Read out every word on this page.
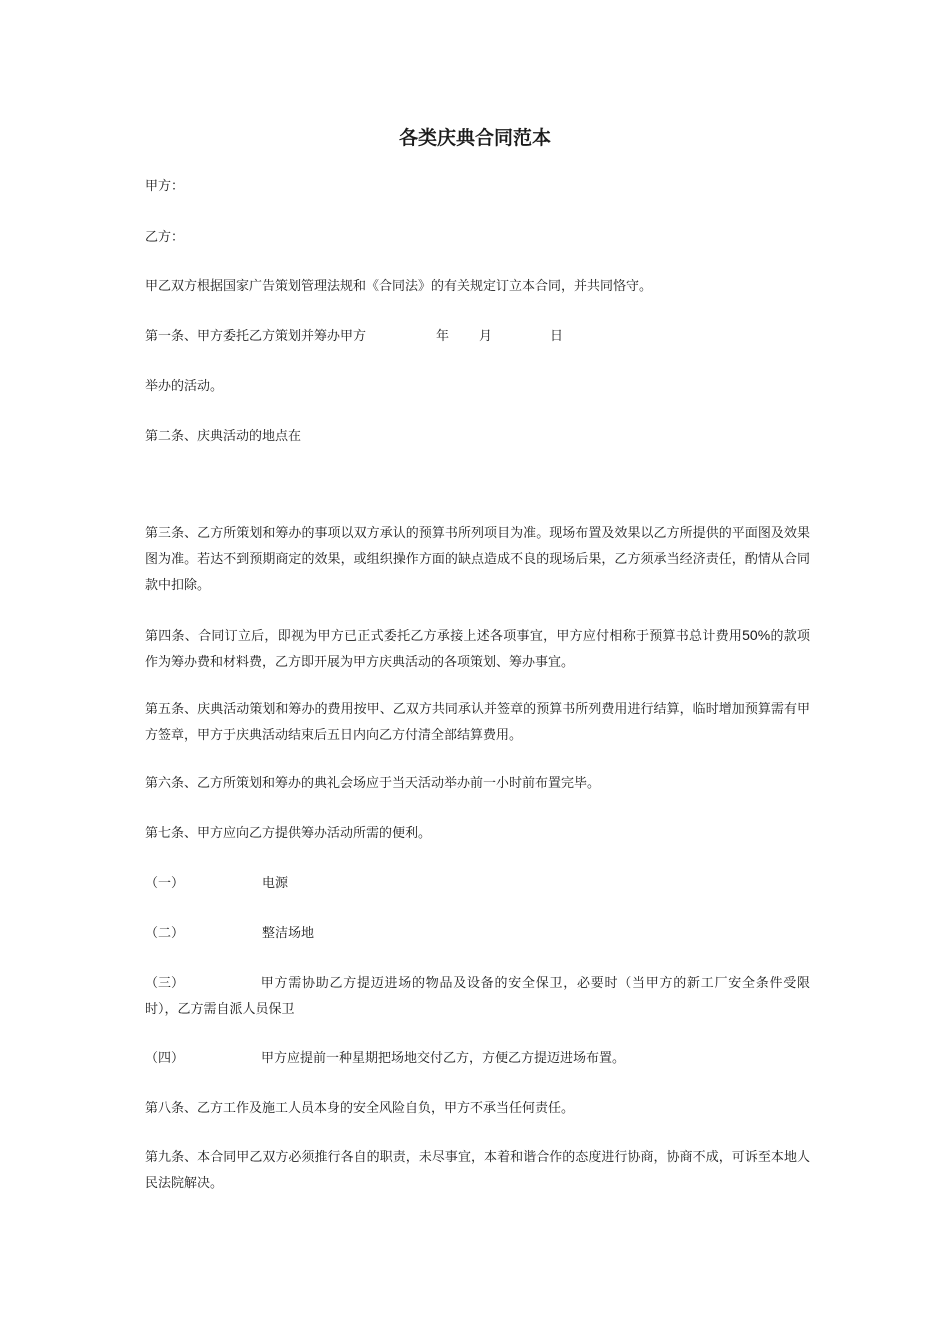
各类庆典合同范本

甲方：

乙方：

甲乙双方根据国家广告策划管理法规和《合同法》的有关规定订立本合同，并共同恪守。

第一条、甲方委托乙方策划并筹办甲方	年 月	日

举办的活动。

第二条、庆典活动的地点在

第三条、乙方所策划和筹办的事项以双方承认的预算书所列项目为准。现场布置及效果以乙方所提供的平面图及效果图为准。若达不到预期商定的效果，或组织操作方面的缺点造成不良的现场后果，乙方须承当经济责任，酌情从合同款中扣除。

第四条、合同订立后，即视为甲方已正式委托乙方承接上述各项事宜，甲方应付相称于预算书总计费用50%的款项作为筹办费和材料费，乙方即开展为甲方庆典活动的各项策划、筹办事宜。

第五条、庆典活动策划和筹办的费用按甲、乙双方共同承认并签章的预算书所列费用进行结算，临时增加预算需有甲方签章，甲方于庆典活动结束后五日内向乙方付清全部结算费用。

第六条、乙方所策划和筹办的典礼会场应于当天活动举办前一小时前布置完毕。

第七条、甲方应向乙方提供筹办活动所需的便利。

（一）	电源

（二）	整洁场地

（三）	甲方需协助乙方提迈进场的物品及设备的安全保卫，必要时（当甲方的新工厂安全条件受限时），乙方需自派人员保卫

（四）	甲方应提前一种星期把场地交付乙方，方便乙方提迈进场布置。

第八条、乙方工作及施工人员本身的安全风险自负，甲方不承当任何责任。

第九条、本合同甲乙双方必须推行各自的职责，未尽事宜，本着和谐合作的态度进行协商，协商不成，可诉至本地人民法院解决。
